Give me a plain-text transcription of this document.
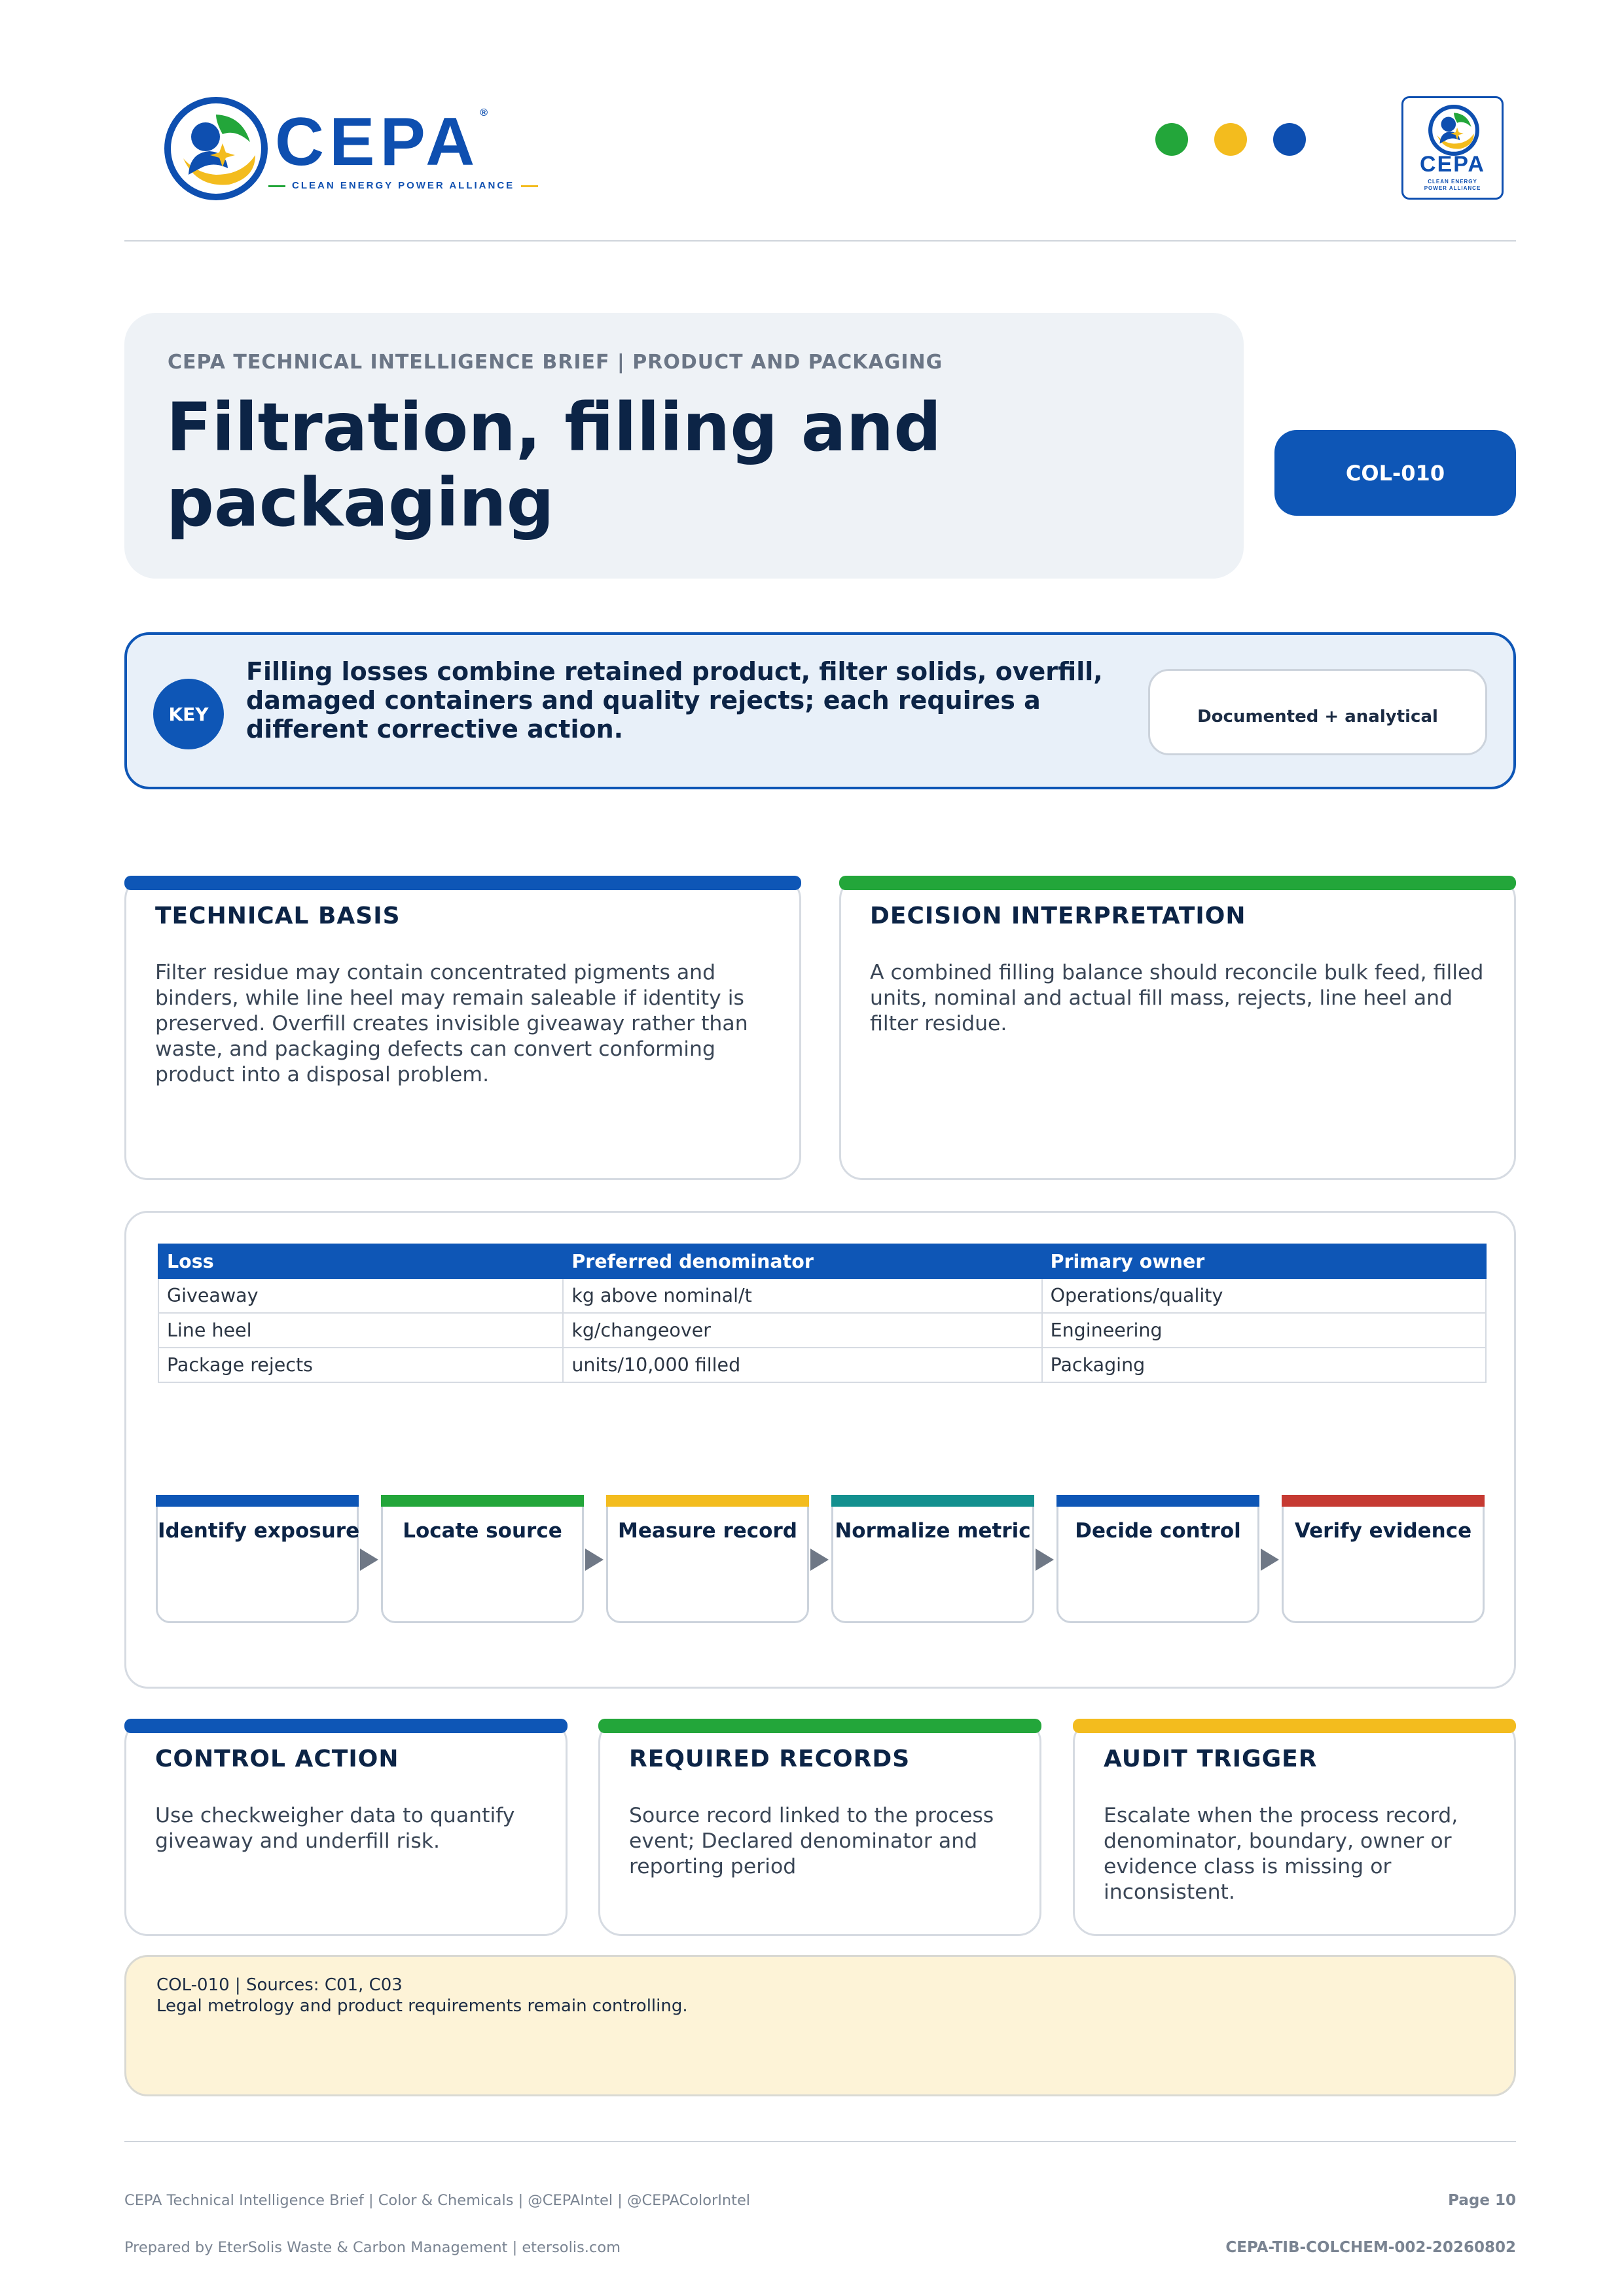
CEPA®
CLEAN ENERGY POWER ALLIANCE
CEPA
CLEAN ENERGY
POWER ALLIANCE
CEPA TECHNICAL INTELLIGENCE BRIEF | PRODUCT AND PACKAGING
Filtration, filling and packaging	COL-010
KEY
Filling losses combine retained product, filter solids, overfill, damaged containers and quality rejects; each requires a different corrective action.	Documented + analytical
TECHNICAL BASIS
Filter residue may contain concentrated pigments and binders, while line heel may remain saleable if identity is preserved. Overfill creates invisible giveaway rather than waste, and packaging defects can convert conforming product into a disposal problem.
DECISION INTERPRETATION
A combined filling balance should reconcile bulk feed, filled units, nominal and actual fill mass, rejects, line heel and filter residue.
Loss	Preferred denominator	Primary owner
Giveaway	kg above nominal/t	Operations/quality
Line heel	kg/changeover	Engineering
Package rejects	units/10,000 filled	Packaging
Identify exposure	Locate source	Measure record	Normalize metric	Decide control	Verify evidence
CONTROL ACTION
Use checkweigher data to quantify giveaway and underfill risk.
REQUIRED RECORDS
Source record linked to the process event; Declared denominator and reporting period
AUDIT TRIGGER
Escalate when the process record, denominator, boundary, owner or evidence class is missing or inconsistent.
COL-010 | Sources: C01, C03
Legal metrology and product requirements remain controlling.
CEPA Technical Intelligence Brief | Color & Chemicals | @CEPAIntel | @CEPAColorIntel
Prepared by EterSolis Waste & Carbon Management | etersolis.com
Page 10
CEPA-TIB-COLCHEM-002-20260802
